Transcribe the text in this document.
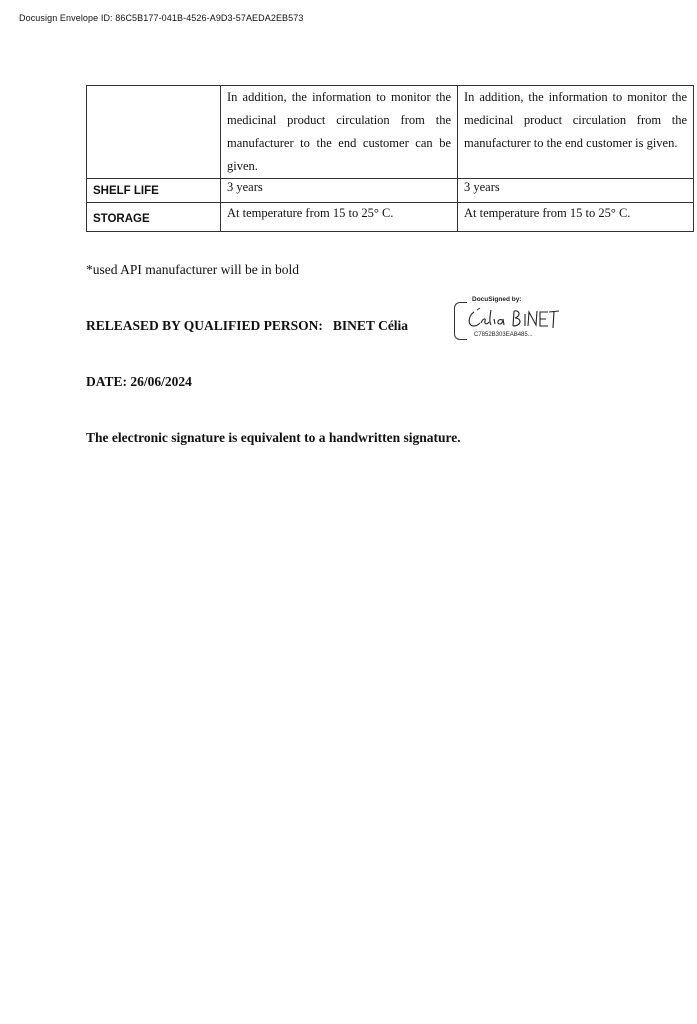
Docusign Envelope ID: 86C5B177-041B-4526-A9D3-57AEDA2EB573
	In addition, the information to monitor the medicinal product circulation from the manufacturer to the end customer can be given.	In addition, the information to monitor the medicinal product circulation from the manufacturer to the end customer is given.
SHELF LIFE	3 years	3 years
STORAGE	At temperature from 15 to 25° C.	At temperature from 15 to 25° C.
*used API manufacturer will be in bold
RELEASED BY QUALIFIED PERSON: BINET Célia
DocuSigned by:
C7852B303EAB485...
DATE: 26/06/2024
The electronic signature is equivalent to a handwritten signature.
